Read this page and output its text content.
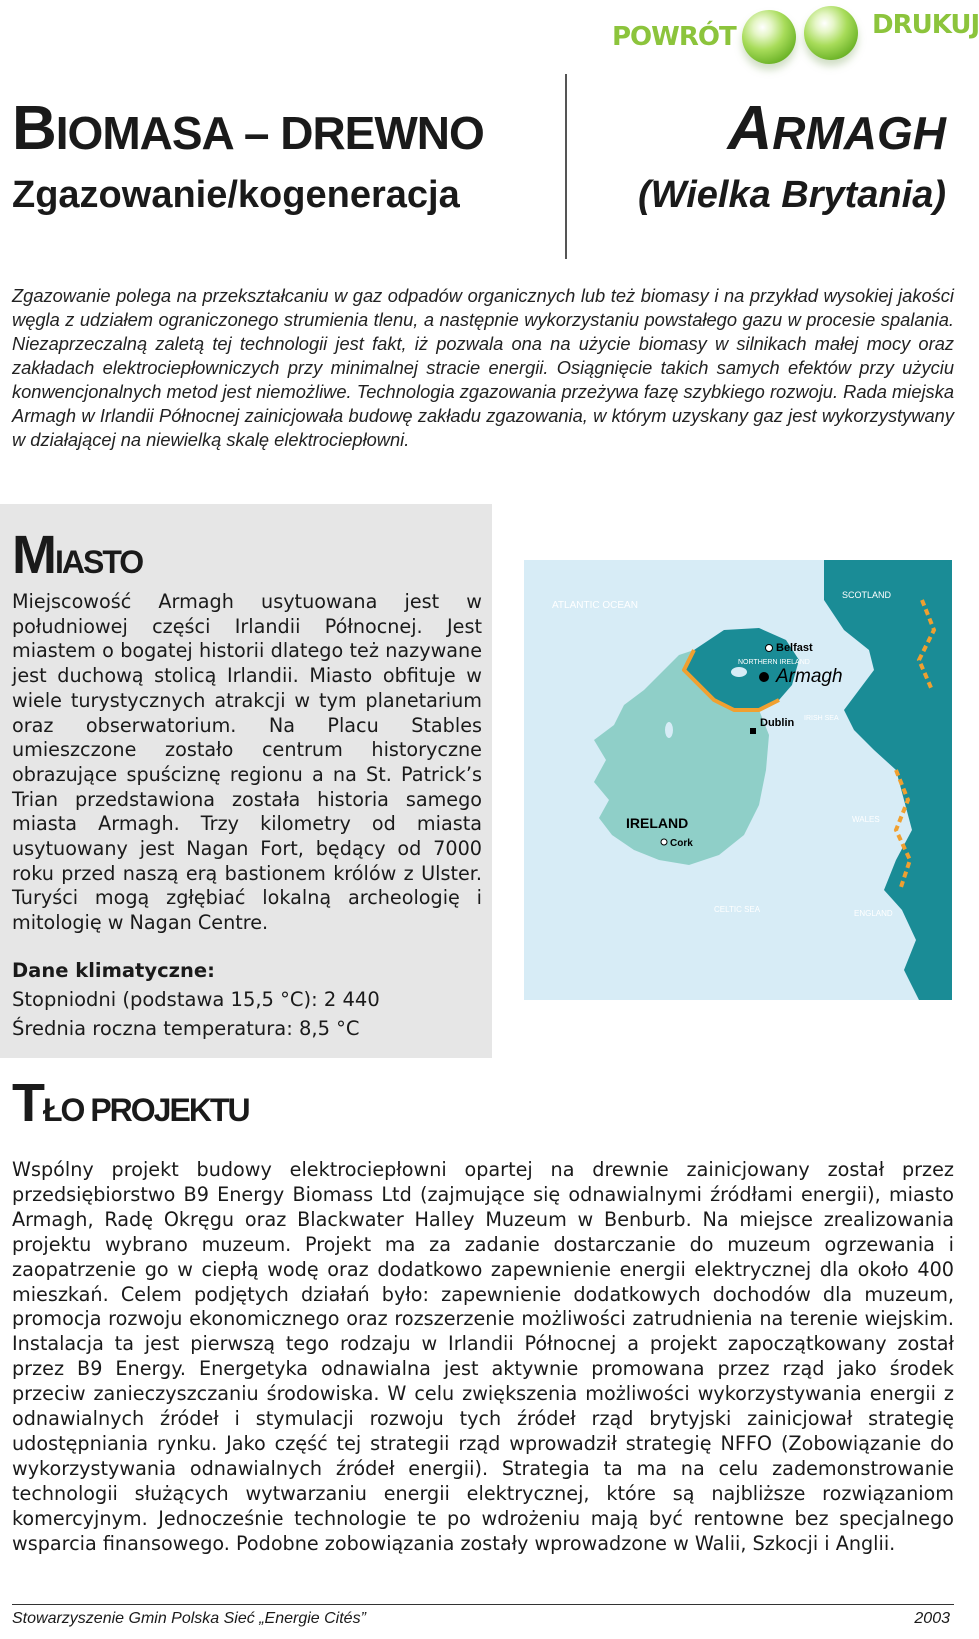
POWRÓT	DRUKUJ
BIOMASA – DREWNO
Zgazowanie/kogeneracja
ARMAGH
(Wielka Brytania)

Zgazowanie polega na przekształcaniu w gaz odpadów organicznych lub też biomasy i na przykład wysokiej jakości węgla z udziałem ograniczonego strumienia tlenu, a następnie wykorzystaniu powstałego gazu w procesie spalania. Niezaprzeczalną zaletą tej technologii jest fakt, iż pozwala ona na użycie biomasy w silnikach małej mocy oraz zakładach elektrociepłowniczych przy minimalnej stracie energii. Osiągnięcie takich samych efektów przy użyciu konwencjonalnych metod jest niemożliwe. Technologia zgazowania przeżywa fazę szybkiego rozwoju. Rada miejska Armagh w Irlandii Północnej zainicjowała budowę zakładu zgazowania, w którym uzyskany gaz jest wykorzystywany w działającej na niewielką skalę elektrociepłowni.

MIASTO

Miejscowość Armagh usytuowana jest w południowej części Irlandii Północnej. Jest miastem o bogatej historii dlatego też nazywane jest duchową stolicą Irlandii. Miasto obfituje w wiele turystycznych atrakcji w tym planetarium oraz obserwatorium. Na Placu Stables umieszczone zostało centrum historyczne obrazujące spuściznę regionu a na St. Patrick’s Trian przedstawiona została historia samego miasta Armagh. Trzy kilometry od miasta usytuowany jest Nagan Fort, będący od 7000 roku przed naszą erą bastionem królów z Ulster. Turyści mogą zgłębiać lokalną archeologię i mitologię w Nagan Centre.

Dane klimatyczne:
Stopniodni (podstawa 15,5 °C): 2 440
Średnia roczna temperatura: 8,5 °C
ATLANTIC OCEAN
SCOTLAND
Belfast
NORTHERN IRELAND
Armagh
Dublin IRISH SEA
IRELAND
Cork
WALES
CELTIC SEA	ENGLAND
TŁO PROJEKTU

Wspólny projekt budowy elektrociepłowni opartej na drewnie zainicjowany został przez przedsiębiorstwo B9 Energy Biomass Ltd (zajmujące się odnawialnymi źródłami energii), miasto Armagh, Radę Okręgu oraz Blackwater Halley Muzeum w Benburb. Na miejsce zrealizowania projektu wybrano muzeum. Projekt ma za zadanie dostarczanie do muzeum ogrzewania i zaopatrzenie go w ciepłą wodę oraz dodatkowo zapewnienie energii elektrycznej dla około 400 mieszkań. Celem podjętych działań było: zapewnienie dodatkowych dochodów dla muzeum, promocja rozwoju ekonomicznego oraz rozszerzenie możliwości zatrudnienia na terenie wiejskim. Instalacja ta jest pierwszą tego rodzaju w Irlandii Północnej a projekt zapoczątkowany został przez B9 Energy. Energetyka odnawialna jest aktywnie promowana przez rząd jako środek przeciw zanieczyszczaniu środowiska. W celu zwiększenia możliwości wykorzystywania energii z odnawialnych źródeł i stymulacji rozwoju tych źródeł rząd brytyjski zainicjował strategię udostępniania rynku. Jako część tej strategii rząd wprowadził strategię NFFO (Zobowiązanie do wykorzystywania odnawialnych źródeł energii). Strategia ta ma na celu zademonstrowanie technologii służących wytwarzaniu energii elektrycznej, które są najbliższe rozwiązaniom komercyjnym. Jednocześnie technologie te po wdrożeniu mają być rentowne bez specjalnego wsparcia finansowego. Podobne zobowiązania zostały wprowadzone w Walii, Szkocji i Anglii.

Stowarzyszenie Gmin Polska Sieć „Energie Cités”	2003
